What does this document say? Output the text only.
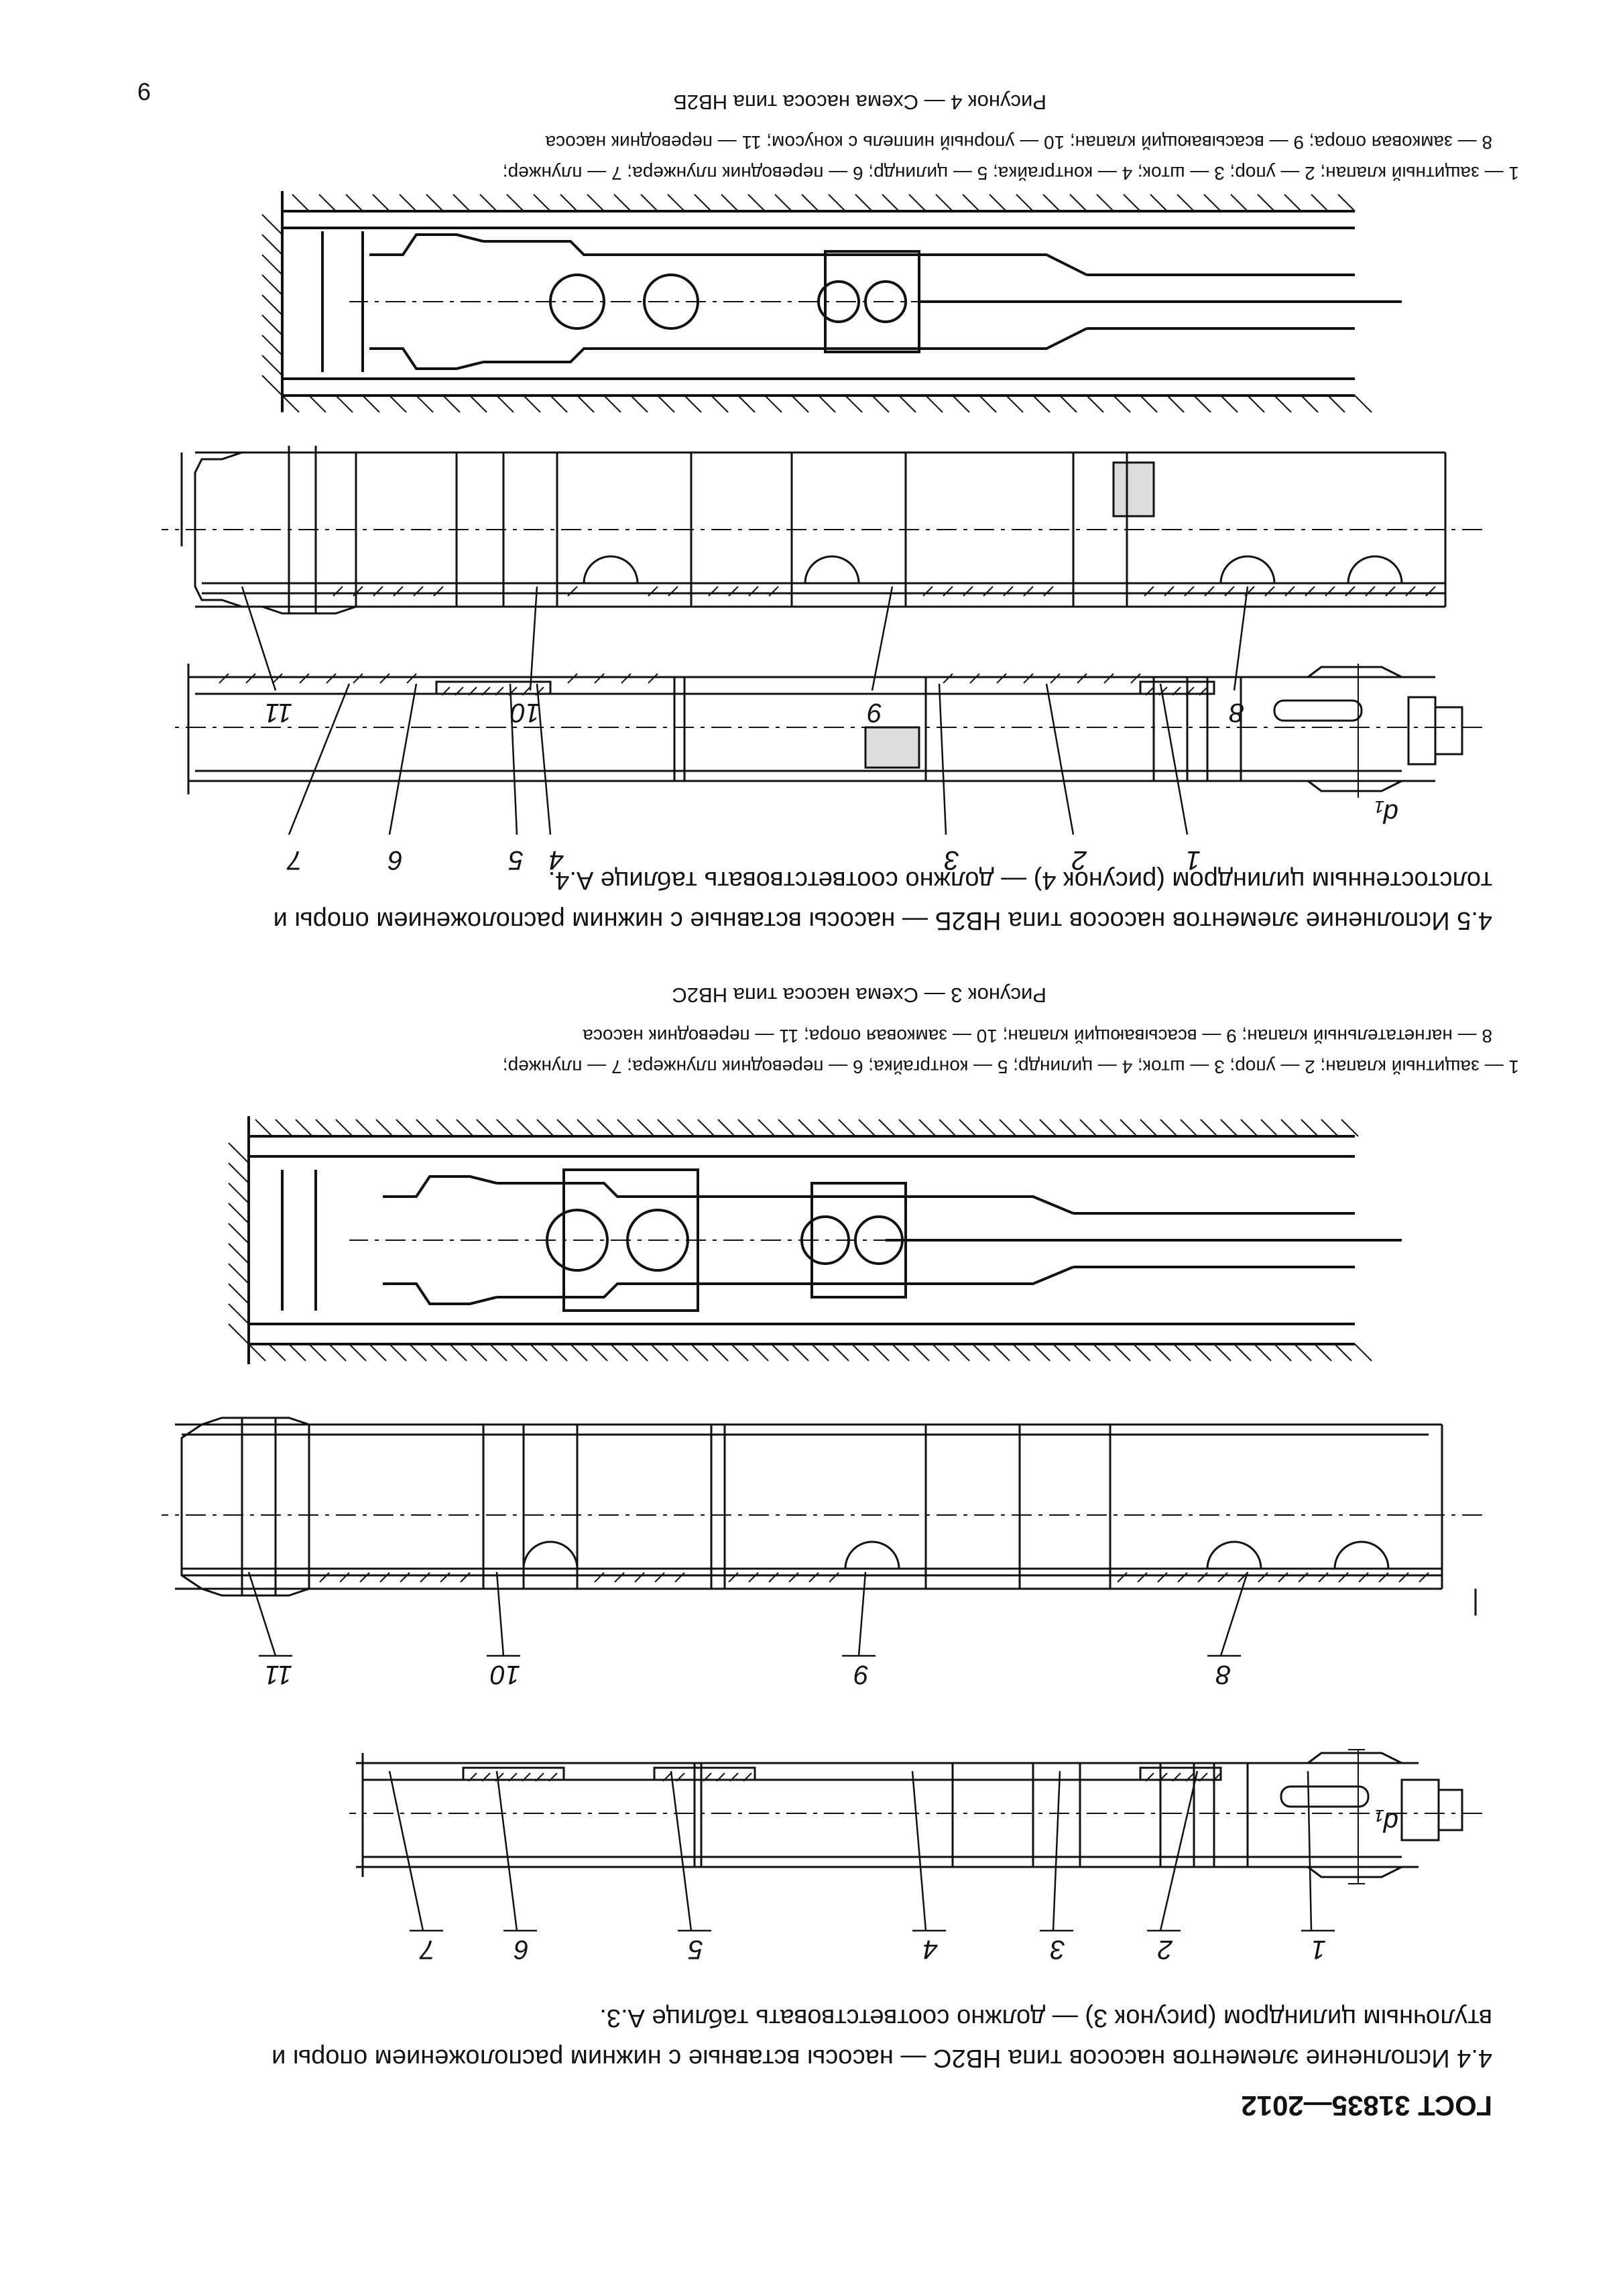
ГОСТ 31835—2012
4.4 Исполнение элементов насосов типа НВ2С — насосы вставные с нижним расположением опоры и
втулочным цилиндром (рисунок 3) — должно соответствовать таблице А.3.
1
2
3
4
5
6
7
d₁
8
9
10
11
1 — защитный клапан; 2 — упор; 3 — шток; 4 — цилиндр; 5 — контргайка; 6 — переводник плунжера; 7 — плунжер;
8 — нагнетательный клапан; 9 — всасывающий клапан; 10 — замковая опора; 11 — переводник насоса
Рисунок 3 — Схема насоса типа НВ2С
4.5 Исполнение элементов насосов типа НВ2Б — насосы вставные с нижним расположением опоры и
толстостенным цилиндром (рисунок 4) — должно соответствовать таблице А.4.
1
2
3
4
5
6
7
d₁
8
9
10
11
1 — защитный клапан; 2 — упор; 3 — шток; 4 — контргайка; 5 — цилиндр; 6 — переводник плунжера; 7 — плунжер;
8 — замковая опора; 9 — всасывающий клапан; 10 — упорный ниппель с конусом; 11 — переводник насоса
Рисунок 4 — Схема насоса типа НВ2Б
9
